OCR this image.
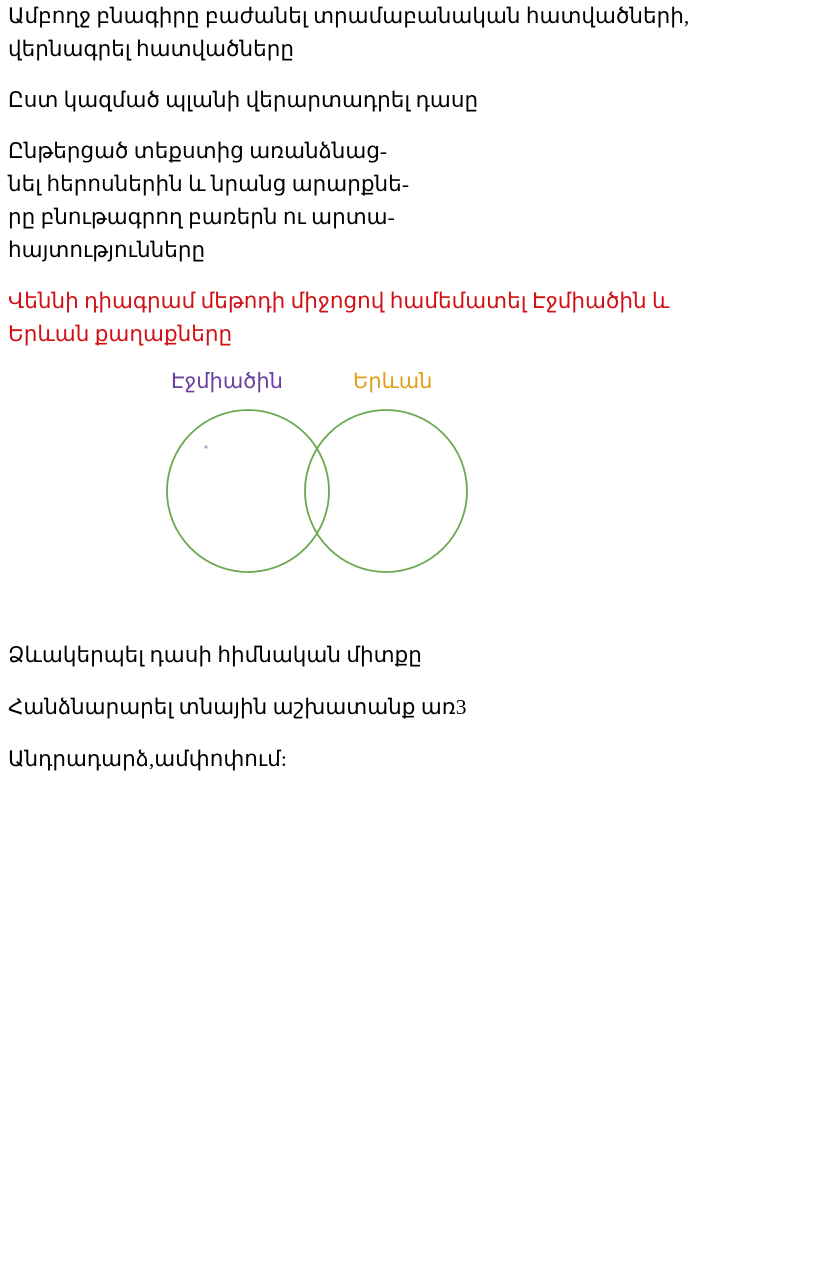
Ամբողջ բնագիրը բաժանել տրամաբանական հատվածների,
վերնագրել հատվածները
Ըստ կազմած պլանի վերարտադրել դասը
Ընթերցած տեքստից առանձնաց-
նել հերոսներին և նրանց արարքնե-
րը բնութագրող բառերն ու արտա-
հայտությունները
Վեննի դիագրամ մեթոդի միջոցով համեմատել Էջմիածին և
Երևան քաղաքները
Էջմիածին	Երևան
Ձևակերպել դասի հիմնական միտքը
Հանձնարարել տնային աշխատանք առ3
Անդրադարձ,ամփոփում:
